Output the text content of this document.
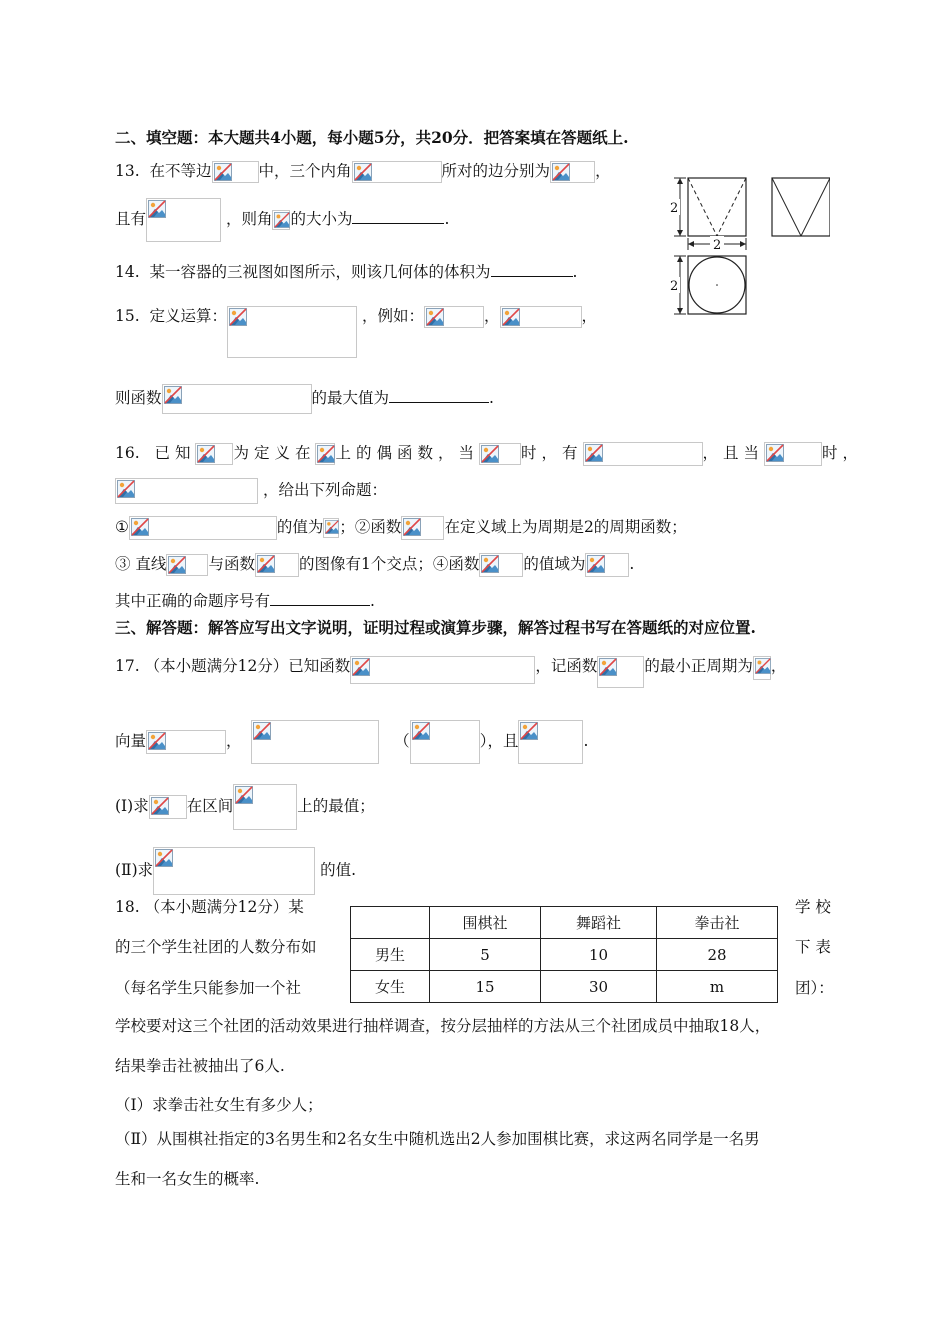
二、填空题：本大题共4小题，每小题5分，共20分．把答案填在答题纸上.
13. 在不等边	中，三个内角	所对的边分别为	，
且有	，则角 的大小为	.
14. 某一容器的三视图如图所示，则该几何体的体积为	.
2
2
2
15. 定义运算：	，例如：	，	，
则函数	的最大值为	.
16. 已知 为定义在 上的偶函数，当	时，有	，且当	时，
，给出下列命题：
①	的值为 ；②函数	在定义域上为周期是2的周期函数；
③ 直线	与函数	的图像有1个交点；④函数	的值域为	.
其中正确的命题序号有	.
三、解答题：解答应写出文字说明，证明过程或演算步骤，解答过程书写在答题纸的对应位置.
17. （本小题满分12分）已知函数	，记函数	的最小正周期为 ，
向量	，	（	），且	.
(Ⅰ)求 在区间	上的最值；
(Ⅱ)求	的值.
18. （本小题满分12分）某	学 校
的三个学生社团的人数分布如	下 表
（每名学生只能参加一个社	团）：
	围棋社	舞蹈社	拳击社
男生	5	10	28
女生	15	30	m
学校要对这三个社团的活动效果进行抽样调查，按分层抽样的方法从三个社团成员中抽取18人，
结果拳击社被抽出了6人.
（Ⅰ）求拳击社女生有多少人；
（Ⅱ）从围棋社指定的3名男生和2名女生中随机选出2人参加围棋比赛，求这两名同学是一名男
生和一名女生的概率.
